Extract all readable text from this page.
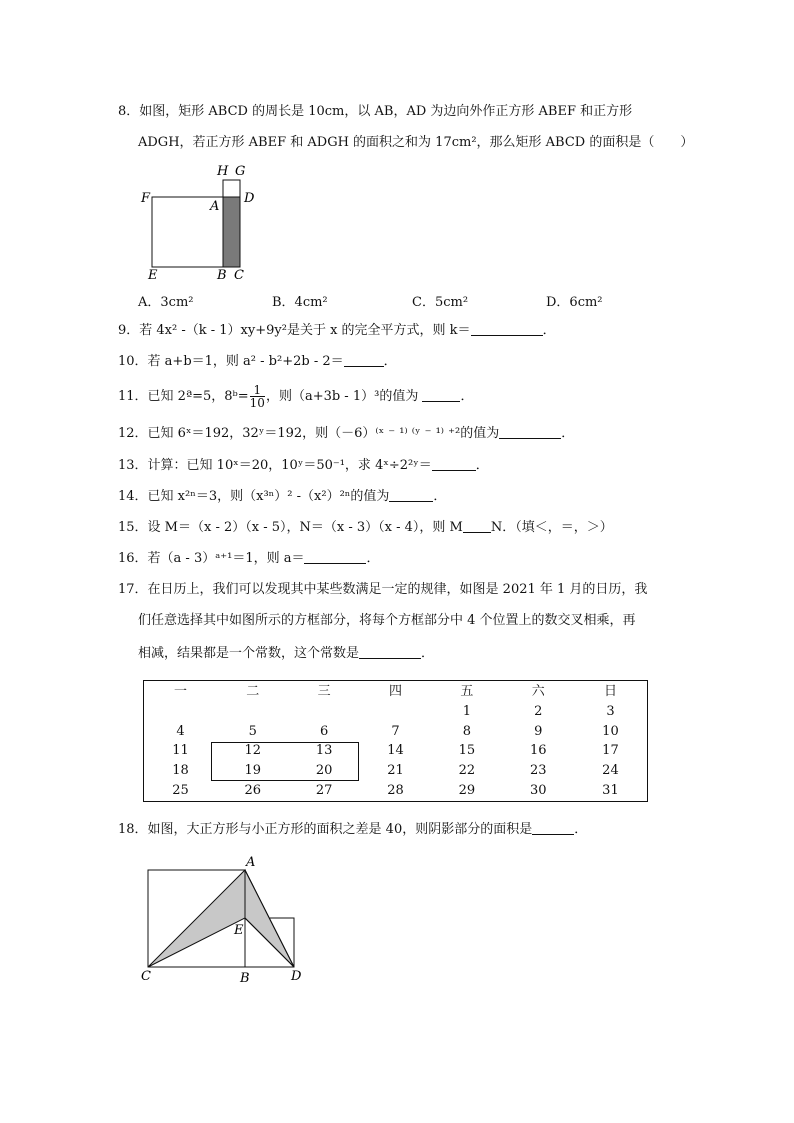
8．如图，矩形 ABCD 的周长是 10cm，以 AB，AD 为边向外作正方形 ABEF 和正方形
ADGH，若正方形 ABEF 和 ADGH 的面积之和为 17cm²，那么矩形 ABCD 的面积是（　　）
H G
F
A
D
E	B C
A．3cm²	B．4cm²	C．5cm²	D．6cm²
9．若 4x² -（k - 1）xy+9y²是关于 x 的完全平方式，则 k＝	．
10．若 a+b＝1，则 a² - b²+2b - 2＝	．
11．已知 2ª=5，8ᵇ= $\frac{1}{10}$ ，则（a+3b - 1）³的值为	．
12．已知 6ˣ＝192，32ʸ＝192，则（－6）⁽ˣ ⁻ ¹⁾ ⁽ʸ ⁻ ¹⁾ ⁺²的值为	．
13．计算：已知 10ˣ＝20，10ʸ＝50⁻¹，求 4ˣ÷2²ʸ＝	．
14．已知 x²ⁿ＝3，则（x³ⁿ）² -（x²）²ⁿ的值为	．
15．设 M＝（x - 2）（x - 5），N＝（x - 3）（x - 4），则 M N．（填＜，＝，＞）
16．若（a - 3）ᵃ⁺¹＝1，则 a＝	．
17．在日历上，我们可以发现其中某些数满足一定的规律，如图是 2021 年 1 月的日历，我
们任意选择其中如图所示的方框部分，将每个方框部分中 4 个位置上的数交叉相乘，再
相减，结果都是一个常数，这个常数是	．
一	二	三	四	五	六	日
				1	2	3
4	5	6	7	8	9	10
11	12	13	14	15	16	17
18	19	20	21	22	23	24
25	26	27	28	29	30	31
18．如图，大正方形与小正方形的面积之差是 40，则阴影部分的面积是	．
A
E
C	B	D
